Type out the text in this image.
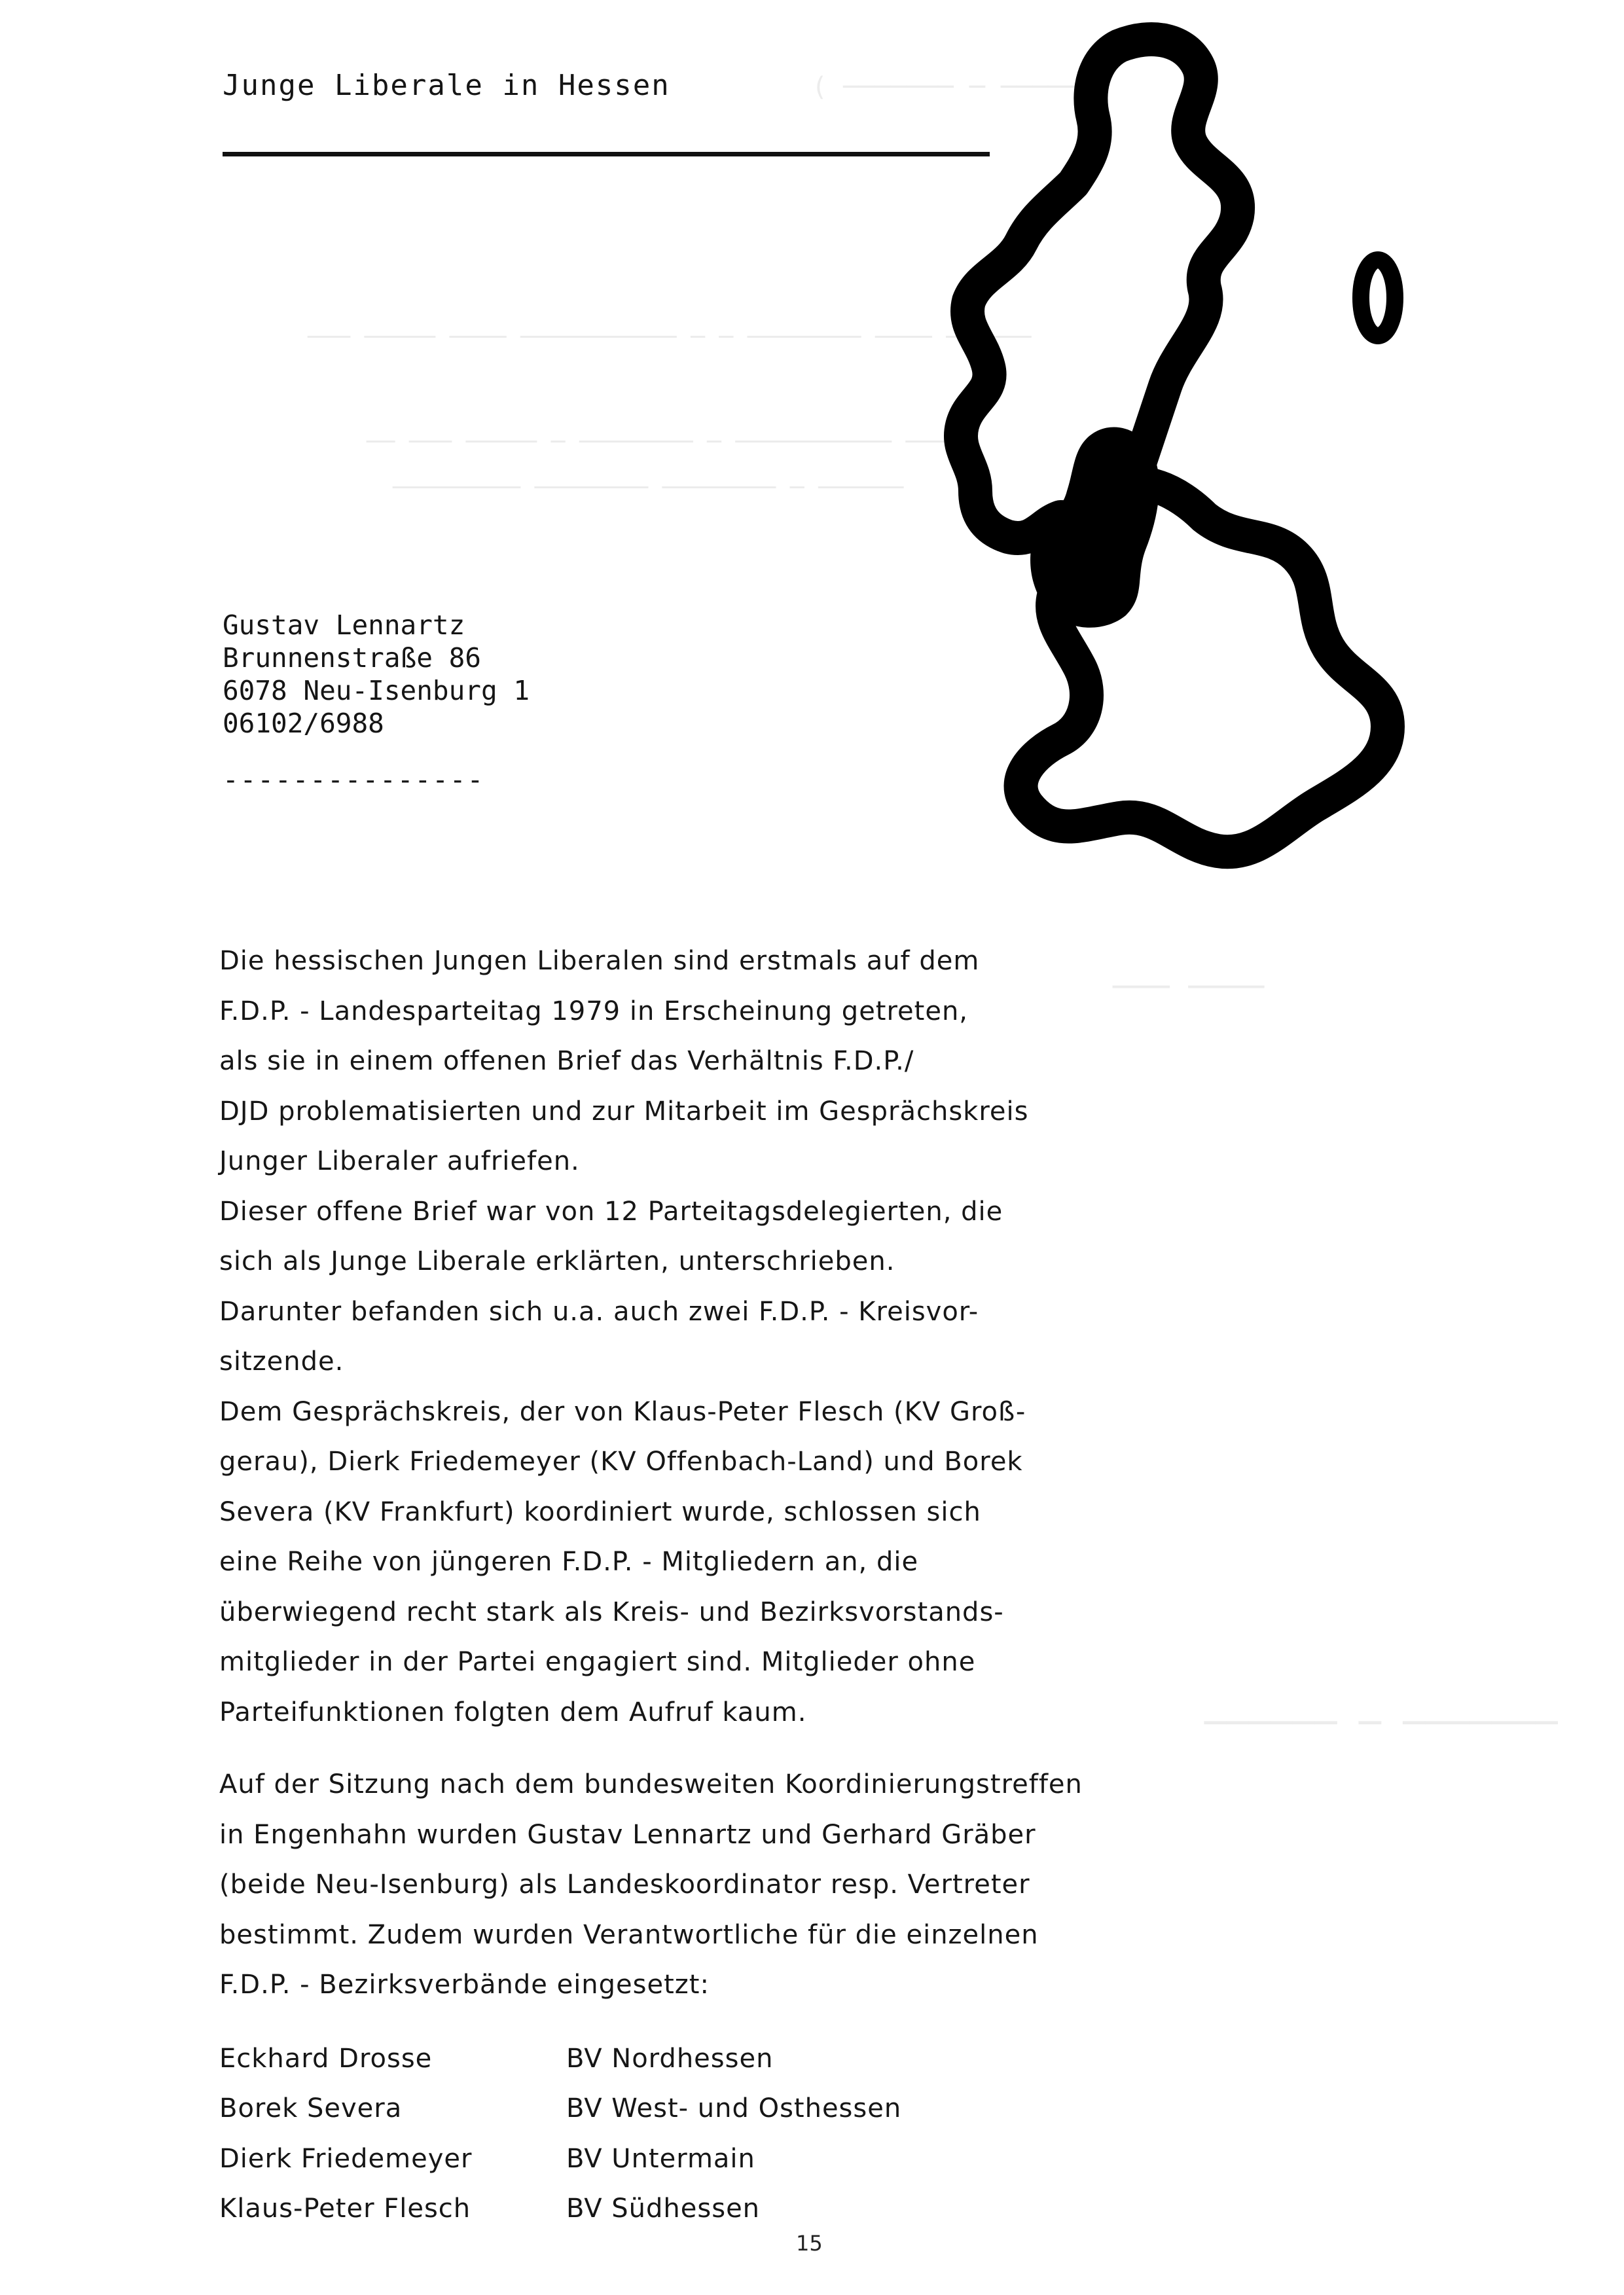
( ─────── ─ ───── )
─── ───── ──── ─────────── ─ ─ ──────── ──── ──────
── ─── ───── ─ ──────── ─ ─────────── ────
───────── ──────── ──────── ─ ──────
─── ────
────── ─ ───────
Junge Liberale in Hessen
Gustav Lennartz
Brunnenstraße 86
6078 Neu-Isenburg 1
06102/6988
---------------

Die hessischen Jungen Liberalen sind erstmals auf dem

F.D.P. - Landesparteitag 1979 in Erscheinung getreten,

als sie in einem offenen Brief das Verhältnis F.D.P./

DJD problematisierten und zur Mitarbeit im Gesprächskreis

Junger Liberaler aufriefen.

Dieser offene Brief war von 12 Parteitagsdelegierten, die

sich als Junge Liberale erklärten, unterschrieben.

Darunter befanden sich u.a. auch zwei F.D.P. - Kreisvor-

sitzende.

Dem Gesprächskreis, der von Klaus-Peter Flesch (KV Groß-

gerau), Dierk Friedemeyer (KV Offenbach-Land) und Borek

Severa (KV Frankfurt) koordiniert wurde, schlossen sich

eine Reihe von jüngeren F.D.P. - Mitgliedern an, die

überwiegend recht stark als Kreis- und Bezirksvorstands-

mitglieder in der Partei engagiert sind. Mitglieder ohne

Parteifunktionen folgten dem Aufruf kaum.

Auf der Sitzung nach dem bundesweiten Koordinierungstreffen

in Engenhahn wurden Gustav Lennartz und Gerhard Gräber

(beide Neu-Isenburg) als Landeskoordinator resp. Vertreter

bestimmt. Zudem wurden Verantwortliche für die einzelnen

F.D.P. - Bezirksverbände eingesetzt:

Eckhard Drosse	BV Nordhessen
Borek Severa	BV West- und Osthessen
Dierk Friedemeyer	BV Untermain
Klaus-Peter Flesch	BV Südhessen
15
